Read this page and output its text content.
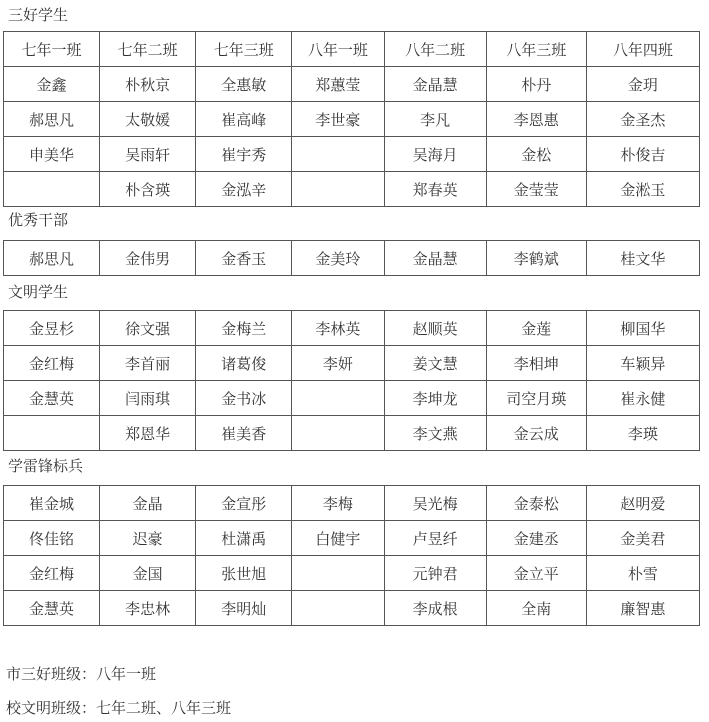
三好学生
七年一班	七年二班	七年三班	八年一班	八年二班	八年三班	八年四班
金鑫	朴秋京	全惠敏	郑蕙莹	金晶慧	朴丹	金玥
郝思凡	太敬媛	崔高峰	李世豪	李凡	李恩惠	金圣杰
申美华	吴雨轩	崔宇秀		吴海月	金松	朴俊吉
	朴含瑛	金泓辛		郑春英	金莹莹	金淞玉
优秀干部
郝思凡	金伟男	金香玉	金美玲	金晶慧	李鹤斌	桂文华
文明学生
金昱杉	徐文强	金梅兰	李林英	赵顺英	金莲	柳国华
金红梅	李首丽	诸葛俊	李妍	姜文慧	李相坤	车颖异
金慧英	闫雨琪	金书冰		李坤龙	司空月瑛	崔永健
	郑恩华	崔美香		李文燕	金云成	李瑛
学雷锋标兵
崔金城	金晶	金宣彤	李梅	吴光梅	金泰松	赵明爱
佟佳铭	迟豪	杜潇禹	白健宇	卢昱纤	金建丞	金美君
金红梅	金国	张世旭		元钟君	金立平	朴雪
金慧英	李忠林	李明灿		李成根	全南	廉智惠
市三好班级：八年一班
校文明班级：七年二班、八年三班
